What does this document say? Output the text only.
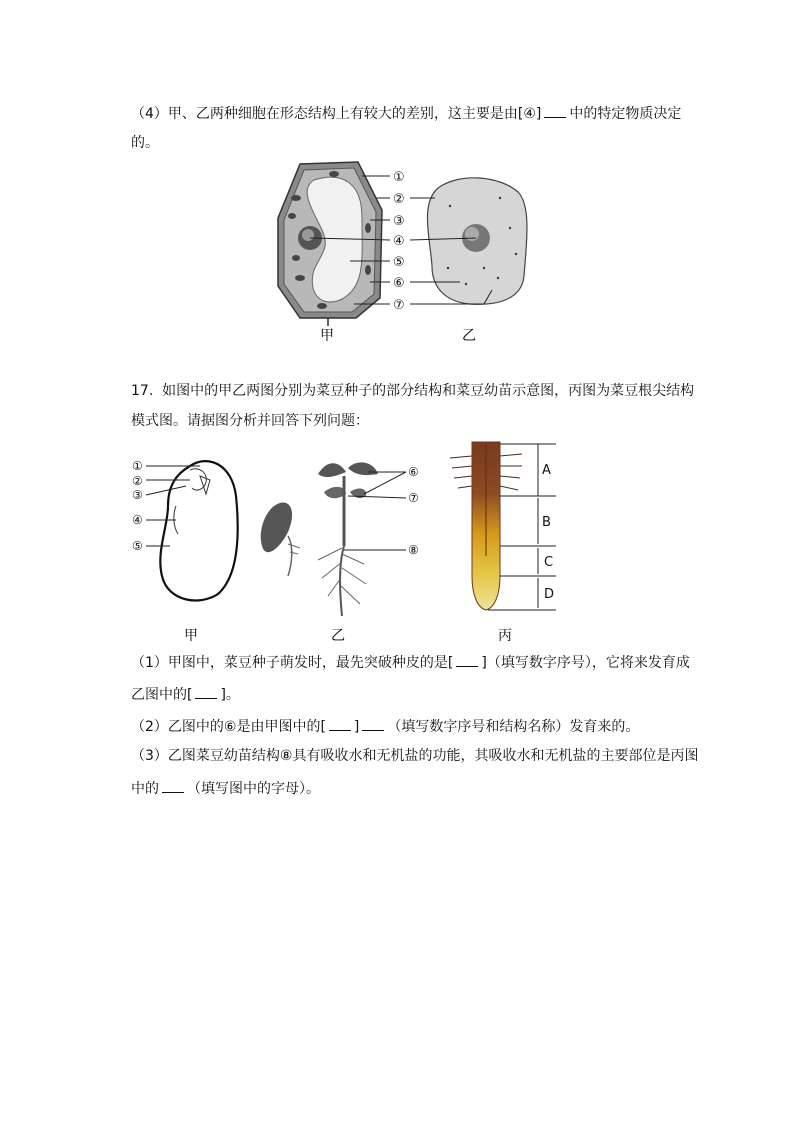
（4）甲、乙两种细胞在形态结构上有较大的差别，这主要是由[④] 中的特定物质决定
的。
①
②
③
④
⑤
⑥
⑦
甲	乙
17. 如图中的甲乙两图分别为菜豆种子的部分结构和菜豆幼苗示意图，丙图为菜豆根尖结构
模式图。请据图分析并回答下列问题：
①
②
③
④
⑤
⑥
⑦
⑧
A
B
C
D
甲	乙	丙
（1）甲图中，菜豆种子萌发时，最先突破种皮的是[ ]（填写数字序号），它将来发育成
乙图中的[ ]。
（2）乙图中的⑥是由甲图中的[ ] （填写数字序号和结构名称）发育来的。
（3）乙图菜豆幼苗结构⑧具有吸收水和无机盐的功能，其吸收水和无机盐的主要部位是丙图
中的 （填写图中的字母）。
